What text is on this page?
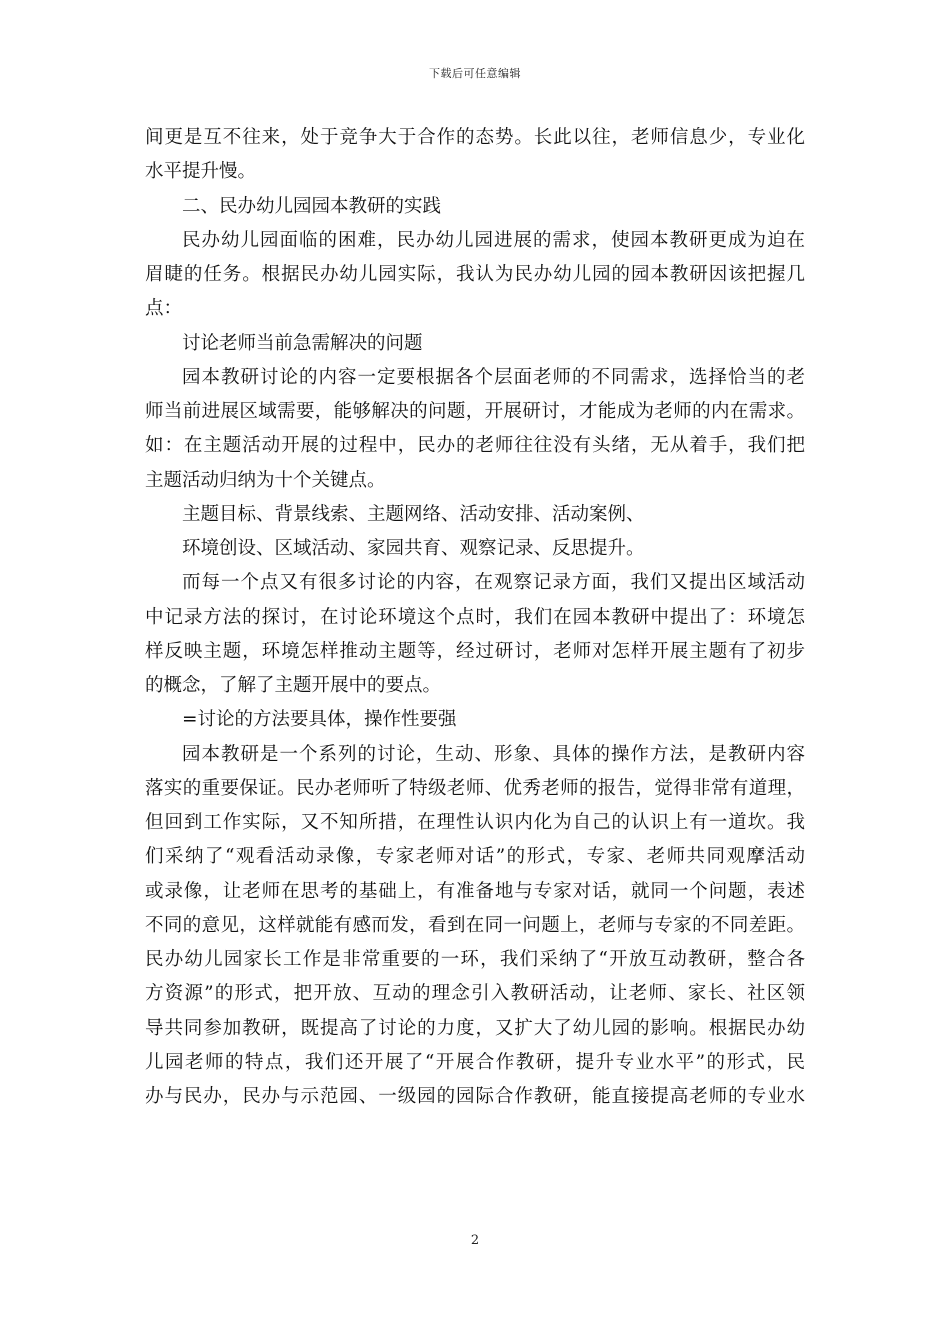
下载后可任意编辑
间更是互不往来，处于竞争大于合作的态势。长此以往，老师信息少，专业化
水平提升慢。
二、民办幼儿园园本教研的实践
民办幼儿园面临的困难，民办幼儿园进展的需求，使园本教研更成为迫在
眉睫的任务。根据民办幼儿园实际，我认为民办幼儿园的园本教研因该把握几
点：
讨论老师当前急需解决的问题
园本教研讨论的内容一定要根据各个层面老师的不同需求，选择恰当的老
师当前进展区域需要，能够解决的问题，开展研讨，才能成为老师的内在需求。
如：在主题活动开展的过程中，民办的老师往往没有头绪，无从着手，我们把
主题活动归纳为十个关键点。
主题目标、背景线索、主题网络、活动安排、活动案例、
环境创设、区域活动、家园共育、观察记录、反思提升。
而每一个点又有很多讨论的内容，在观察记录方面，我们又提出区域活动
中记录方法的探讨，在讨论环境这个点时，我们在园本教研中提出了：环境怎
样反映主题，环境怎样推动主题等，经过研讨，老师对怎样开展主题有了初步
的概念，了解了主题开展中的要点。
=讨论的方法要具体，操作性要强
园本教研是一个系列的讨论，生动、形象、具体的操作方法，是教研内容
落实的重要保证。民办老师听了特级老师、优秀老师的报告，觉得非常有道理，
但回到工作实际，又不知所措，在理性认识内化为自己的认识上有一道坎。我
们采纳了“观看活动录像，专家老师对话”的形式，专家、老师共同观摩活动
或录像，让老师在思考的基础上，有准备地与专家对话，就同一个问题，表述
不同的意见，这样就能有感而发，看到在同一问题上，老师与专家的不同差距。
民办幼儿园家长工作是非常重要的一环，我们采纳了“开放互动教研，整合各
方资源”的形式，把开放、互动的理念引入教研活动，让老师、家长、社区领
导共同参加教研，既提高了讨论的力度，又扩大了幼儿园的影响。根据民办幼
儿园老师的特点，我们还开展了“开展合作教研，提升专业水平”的形式，民
办与民办，民办与示范园、一级园的园际合作教研，能直接提高老师的专业水
2
